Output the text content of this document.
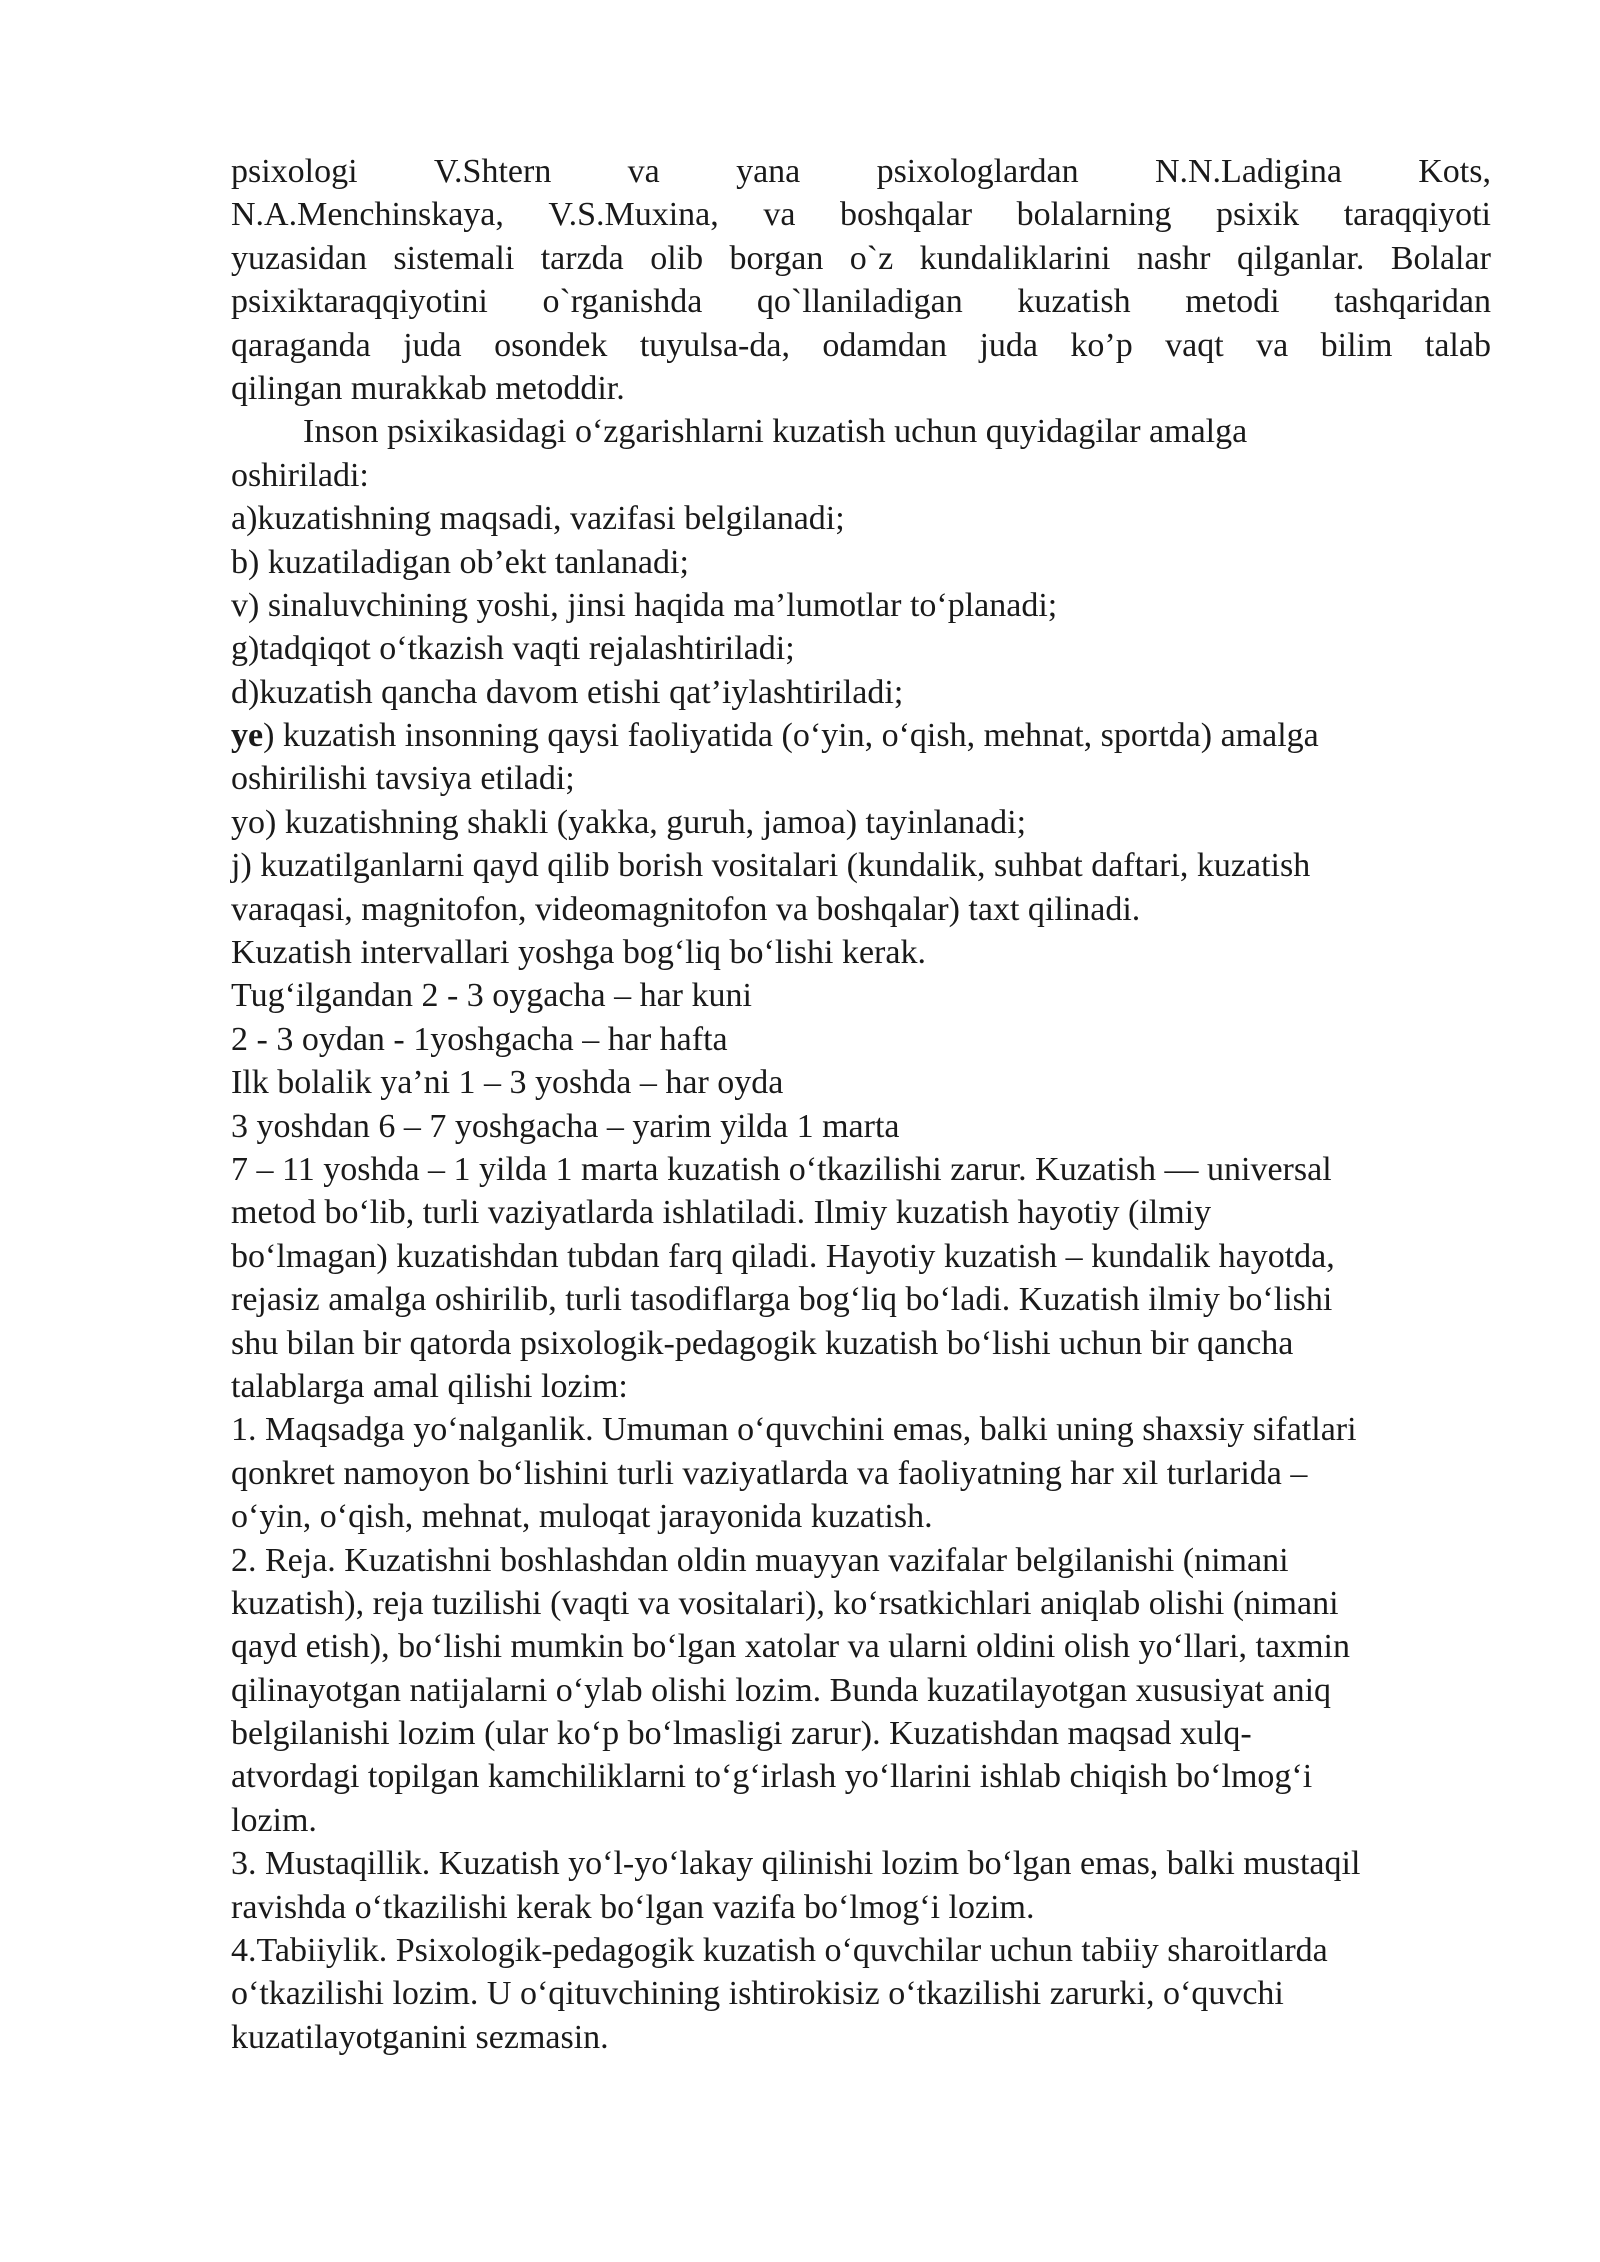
psixologi V.Shtern va yana psixologlardan N.N.Ladigina Kots,
N.A.Menchinskaya, V.S.Muxina, va boshqalar bolalarning psixik taraqqiyoti
yuzasidan sistemali tarzda olib borgan o`z kundaliklarini nashr qilganlar. Bolalar
psixiktaraqqiyotini o`rganishda qo`llaniladigan kuzatish metodi tashqaridan
qaraganda juda osondek tuyulsa-da, odamdan juda ko’p vaqt va bilim talab
qilingan murakkab metoddir.
Inson psixikasidagi o‘zgarishlarni kuzatish uchun quyidagilar amalga
oshiriladi:
a)kuzatishning maqsadi, vazifasi belgilanadi;
b) kuzatiladigan ob’ekt tanlanadi;
v) sinaluvchining yoshi, jinsi haqida ma’lumotlar to‘planadi;
g)tadqiqot o‘tkazish vaqti rejalashtiriladi;
d)kuzatish qancha davom etishi qat’iylashtiriladi;
ye) kuzatish insonning qaysi faoliyatida (o‘yin, o‘qish, mehnat, sportda) amalga
oshirilishi tavsiya etiladi;
yo) kuzatishning shakli (yakka, guruh, jamoa) tayinlanadi;
j) kuzatilganlarni qayd qilib borish vositalari (kundalik, suhbat daftari, kuzatish
varaqasi, magnitofon, videomagnitofon va boshqalar) taxt qilinadi.
Kuzatish intervallari yoshga bog‘liq bo‘lishi kerak.
Tug‘ilgandan 2 - 3 oygacha – har kuni
2 - 3 oydan - 1yoshgacha – har hafta
Ilk bolalik ya’ni 1 – 3 yoshda – har oyda
3 yoshdan 6 – 7 yoshgacha – yarim yilda 1 marta
7 – 11 yoshda – 1 yilda 1 marta kuzatish o‘tkazilishi zarur. Kuzatish — universal
metod bo‘lib, turli vaziyatlarda ishlatiladi. Ilmiy kuzatish hayotiy (ilmiy
bo‘lmagan) kuzatishdan tubdan farq qiladi. Hayotiy kuzatish – kundalik hayotda,
rejasiz amalga oshirilib, turli tasodiflarga bog‘liq bo‘ladi. Kuzatish ilmiy bo‘lishi
shu bilan bir qatorda psixologik-pedagogik kuzatish bo‘lishi uchun bir qancha
talablarga amal qilishi lozim:
1. Maqsadga yo‘nalganlik. Umuman o‘quvchini emas, balki uning shaxsiy sifatlari
qonkret namoyon bo‘lishini turli vaziyatlarda va faoliyatning har xil turlarida –
o‘yin, o‘qish, mehnat, muloqat jarayonida kuzatish.
2. Reja. Kuzatishni boshlashdan oldin muayyan vazifalar belgilanishi (nimani
kuzatish), reja tuzilishi (vaqti va vositalari), ko‘rsatkichlari aniqlab olishi (nimani
qayd etish), bo‘lishi mumkin bo‘lgan xatolar va ularni oldini olish yo‘llari, taxmin
qilinayotgan natijalarni o‘ylab olishi lozim. Bunda kuzatilayotgan xususiyat aniq
belgilanishi lozim (ular ko‘p bo‘lmasligi zarur). Kuzatishdan maqsad xulq-
atvordagi topilgan kamchiliklarni to‘g‘irlash yo‘llarini ishlab chiqish bo‘lmog‘i
lozim.
3. Mustaqillik. Kuzatish yo‘l-yo‘lakay qilinishi lozim bo‘lgan emas, balki mustaqil
ravishda o‘tkazilishi kerak bo‘lgan vazifa bo‘lmog‘i lozim.
4.Tabiiylik. Psixologik-pedagogik kuzatish o‘quvchilar uchun tabiiy sharoitlarda
o‘tkazilishi lozim. U o‘qituvchining ishtirokisiz o‘tkazilishi zarurki, o‘quvchi
kuzatilayotganini sezmasin.
